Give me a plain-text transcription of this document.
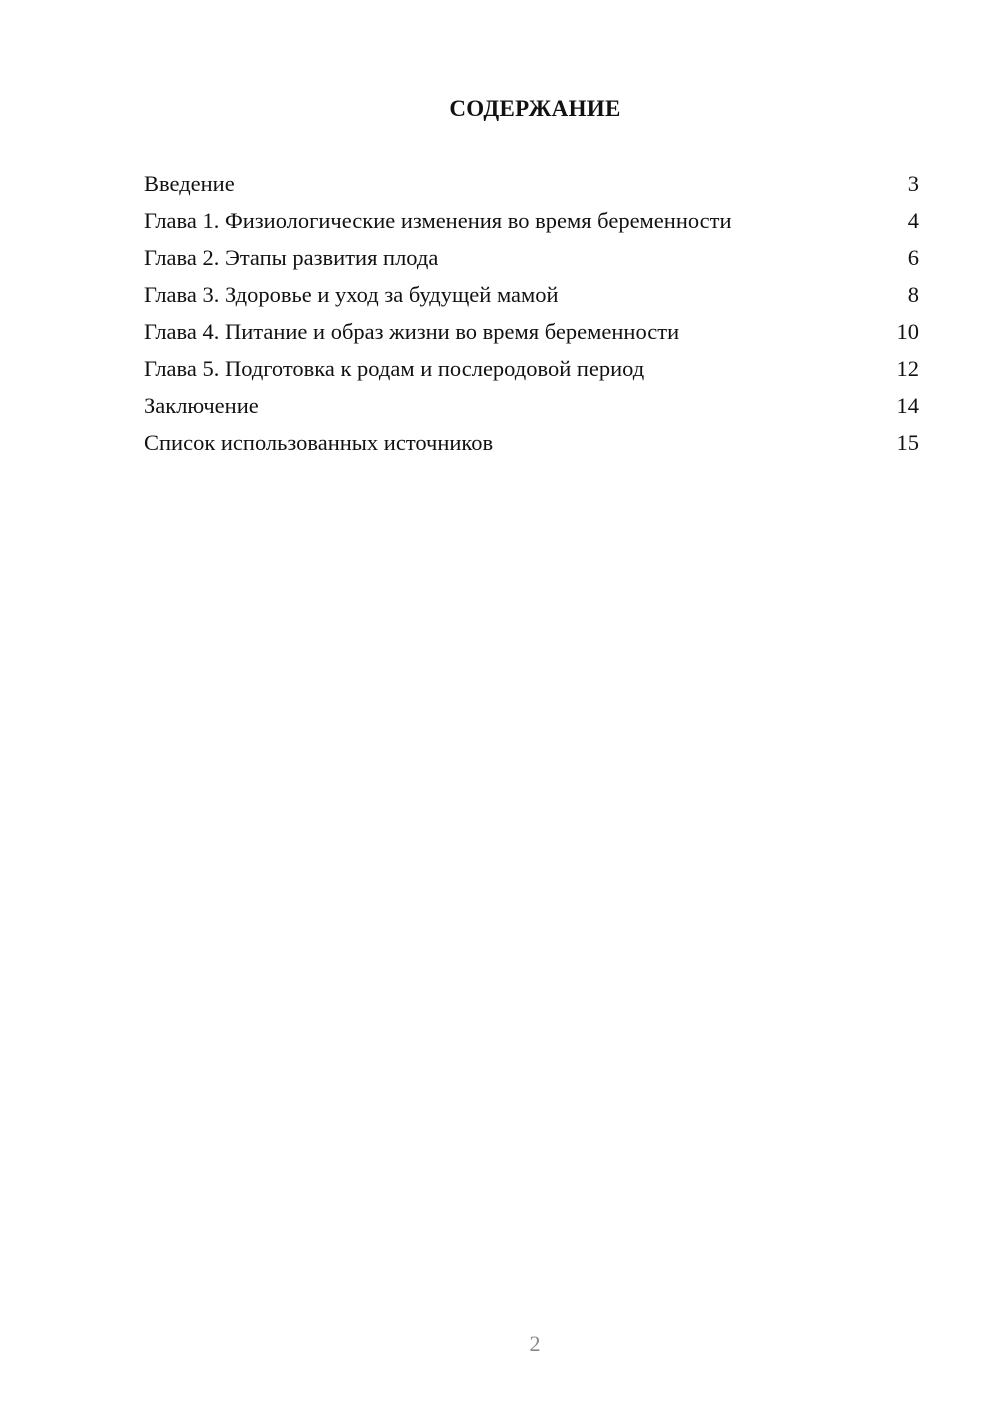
СОДЕРЖАНИЕ
Введение	3
Глава 1. Физиологические изменения во время беременности	4
Глава 2. Этапы развития плода	6
Глава 3. Здоровье и уход за будущей мамой	8
Глава 4. Питание и образ жизни во время беременности	10
Глава 5. Подготовка к родам и послеродовой период	12
Заключение	14
Список использованных источников	15
2
